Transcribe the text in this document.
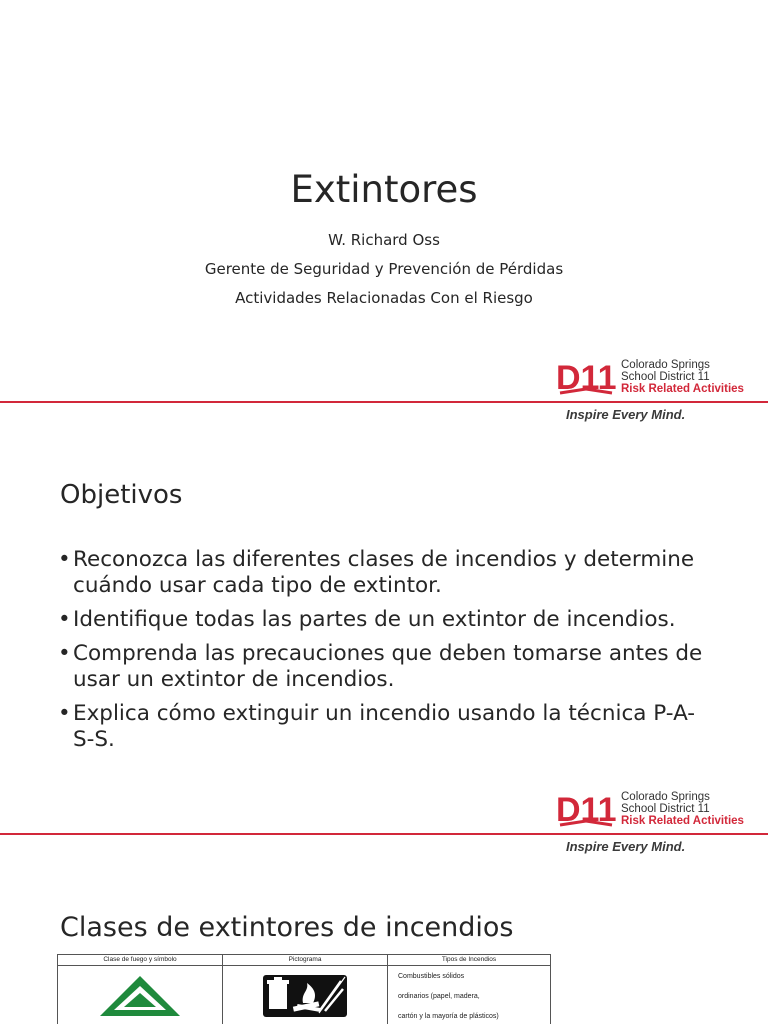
Extintores
W. Richard Oss
Gerente de Seguridad y Prevención de Pérdidas
Actividades Relacionadas Con el Riesgo
D11 Colorado Springs
School District 11
Risk Related Activities
Inspire Every Mind.
Objetivos
• Reconozca las diferentes clases de incendios y determine cuándo usar cada tipo de extintor.
• Identifique todas las partes de un extintor de incendios.
• Comprenda las precauciones que deben tomarse antes de usar un extintor de incendios.
• Explica cómo extinguir un incendio usando la técnica P-A-S-S.
D11 Colorado Springs
School District 11
Risk Related Activities
Inspire Every Mind.
Clases de extintores de incendios
Clase de fuego y símbolo	Pictograma	Tipos de Incendios

A		Combustibles sólidos
ordinarios (papel, madera,
cartón y la mayoría de plásticos)
